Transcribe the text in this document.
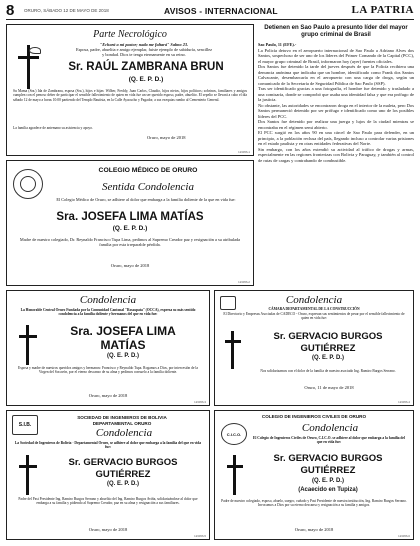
8 ORURO, SÁBADO 12 DE MAYO DE 2018	AVISOS - INTERNACIONAL	LA PATRIA
Parte Necrológico
"Echará a mi pastor; nada me faltará" Salmo 23.
Esposa, padre, abuelita e amigo ejemplar, fuiste ejemplo de sabiduría, sencillez
y bondad. Dios te tenga eternamente en su reino.
Sr. RAÚL ZAMBRANA BRUN
(Q. E. P. D.)
Su Mama (Sra.) Ida de Zambrana, esposa (Sra.), hijos e hijas: Wilber, Freddy, Juan Carlos, Claudio, hijos nietos, hijos políticos; sobrinos, familiares y amigos cumplen con el penoso deber de participar el sensible fallecimiento de quien en vida fue un ser querido esposo, padre, abuelito. El sepelio se llevará a cabo el día sábado 12 de mayo a horas 10:00 partiendo del Templo Bautista, en la Calle Ayacucho y Pagador, a sus exequias rumbo al Cementerio General.
La familia agradece de antemano su asistencia y apoyo.
Oruro, mayo de 2018
123456-1
COLEGIO MÉDICO DE ORURO
Sentida Condolencia
El Colegio Médico de Oruro, se adhiere al dolor que embarga a la familia doliente de la que en vida fue:
Sra. JOSEFA LIMA MATÍAS
(Q. E. P. D.)
Madre de nuestro colegiado, Dr. Reynaldo Francisco Tupa Lima, pedimos al Supremo Creador paz y resignación a su atribulada familia por esta irreparable pérdida.
Oruro, mayo de 2018
123456-2
Detienen en Sao Paulo a presunto líder del mayor grupo criminal de Brasil

Sao Paulo, 11 (EFE).-

La Policía detuvo en el aeropuerto internacional de Sao Paulo a Adriano Alves dos Santos, sospechoso de ser uno de los líderes del Primer Comando de la Capital (PCC), el mayor grupo criminal de Brasil, informaron hoy (ayer) fuentes oficiales.

Dos Santos fue detenido la tarde del jueves después de que la Policía recibiera una denuncia anónima que indicaba que un hombre, identificado como Frank dos Santos Calvacante, desembarcaría en el aeropuerto con una carga de droga, según un comunicado de la Secretaría de Seguridad Pública de Sao Paulo (SSP).

Tras ser identificado gracias a una fotografía, el hombre fue detenido y trasladado a una comisaría, donde se comprobó que usaba una identidad falsa y que era prófugo de la justicia.

No obstante, las autoridades se encontraron droga en el interior de la maleta, pero Dos Santos permaneció detenido por ser prófugo e identificado como uno de los posibles líderes del PCC.

Dos Santos fue detenido por realizar una juerga y lujos de la ciudad mientras se encontraba en el régimen semi abierto.

El PCC surgió en los años 90 en una cárcel de Sao Paulo para defender, en un principio, a la población reclusa del país, llegando incluso a controlar varias prisiones en el estado paulista y en otras entidades federativas del Norte.

Sin embargo, con los años extendió su actividad al tráfico de drogas y armas, especialmente en las regiones fronterizas con Bolivia y Paraguay, y también al control de rutas de cargas y contrabando de combustible.

Condolencia
La Honorable Central Oruro Fundada por la Comunidad Cantonal "Rosaspata" (OCCA), expresa su más sentido condolencia a la familia doliente y hermanos del que en vida fue:
Sra. JOSEFA LIMA
MATÍAS
(Q. E. P. D.)
Esposa y madre de nuestros queridos amigos y hermanos: Francisco y Reynaldo Tupa. Rogamos a Dios, por intercesión de la Virgen del Socavón, por el eterno descanso de su alma y pedimos consuelo a la familia doliente.
Oruro, mayo de 2018
123456-3
Condolencia
CÁMARA DEPARTAMENTAL DE LA CONSTRUCCIÓN
El Directorio y Empresas Asociadas de CADECO - Oruro, expresan sus sentimientos de pesar por el sensible fallecimiento de quien en vida fue:
Sr. GERVACIO BURGOS
GUTIÉRREZ
(Q. E. P. D.)
Nos solidarizamos con el dolor de la familia de nuestro asociado Ing. Ramiro Burgos Serrano.
Oruro, 11 de mayo de 2018
123456-4
S.I.B.
SOCIEDAD DE INGENIEROS DE BOLIVIA
DEPARTAMENTAL ORURO
Condolencia
La Sociedad de Ingenieros de Bolivia - Departamental Oruro, se adhiere al dolor que embarga a la familia del que en vida fue:
Sr. GERVACIO BURGOS
GUTIÉRREZ
(Q. E. P. D.)
Padre del Past Presidente Ing. Ramiro Burgos Serrano y abuelito del Ing. Ramiro Burgos Aviña, solidarizándose al dolor que embarga a su familia y pidiendo al Supremo Creador, paz en su alma y resignación a sus familiares.
Oruro, mayo de 2018
123456-5
COLEGIO DE INGENIEROS CIVILES DE ORURO
C.I.C.O.
Condolencia
El Colegio de Ingenieros Civiles de Oruro, C.I.C.O. se adhiere al dolor que embarga a la familia del que en vida fue:
Sr. GERVACIO BURGOS
GUTIÉRREZ
(Q. E. P. D.)
(Acaecido en Tupiza)
Padre de nuestro colegiado, esposo, abuelo, suegro, cuñado y Past Presidente de nuestra institución, Ing. Ramiro Burgos Serrano. Invocamos a Dios por su eterno descanso y resignación a su familia y amigos.
Oruro, mayo de 2018
123456-6
